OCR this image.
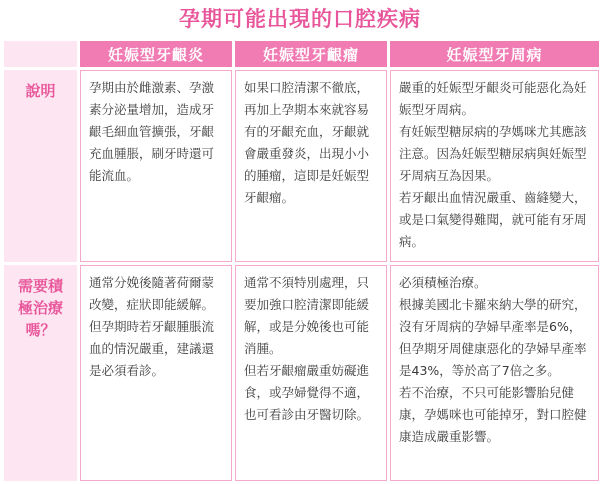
孕期可能出現的口腔疾病
	妊娠型牙齦炎	妊娠型牙齦瘤	妊娠型牙周病

說明	孕期由於雌激素、孕激素分泌量增加，造成牙齦毛細血管擴張，牙齦充血腫脹，刷牙時還可能流血。	如果口腔清潔不徹底，再加上孕期本來就容易有的牙齦充血，牙齦就會嚴重發炎，出現小小的腫瘤，這即是妊娠型牙齦瘤。	嚴重的妊娠型牙齦炎可能惡化為妊娠型牙周病。
有妊娠型糖尿病的孕媽咪尤其應該注意。因為妊娠型糖尿病與妊娠型牙周病互為因果。
若牙齦出血情況嚴重、齒縫變大，或是口氣變得難聞，就可能有牙周病。

需要積
極治療
嗎？	通常分娩後隨著荷爾蒙改變，症狀即能緩解。
但孕期時若牙齦腫脹流血的情況嚴重，建議還是必須看診。	通常不須特別處理，只要加強口腔清潔即能緩解，或是分娩後也可能消腫。
但若牙齦瘤嚴重妨礙進食，或孕婦覺得不適，也可看診由牙醫切除。	必須積極治療。
根據美國北卡羅來納大學的研究，沒有牙周病的孕婦早產率是6%，但孕期牙周健康惡化的孕婦早產率是43%，等於高了7倍之多。
若不治療，不只可能影響胎兒健康，孕媽咪也可能掉牙，對口腔健康造成嚴重影響。
